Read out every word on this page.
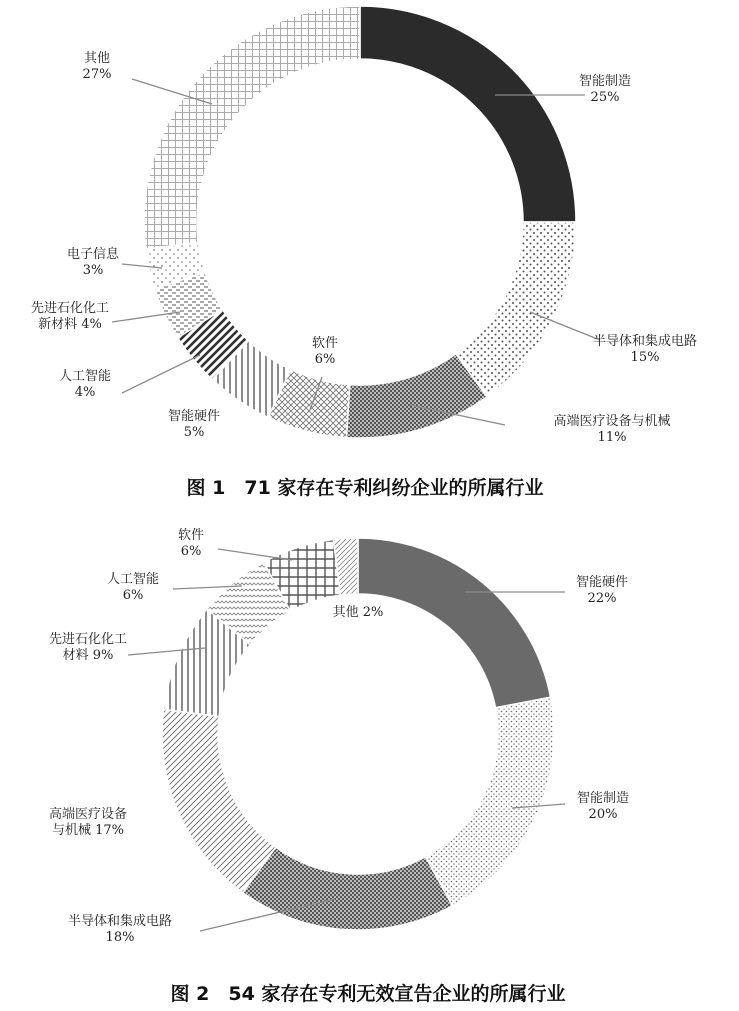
智能制造 25%
半导体和集成电路 15%
高端医疗设备与机械 11%
软件 6%
智能硬件 5%
人工智能 4%
先进石化化工新材料 4%
电子信息 3%
其他 27%
智能硬件 22%
智能制造 20%
半导体和集成电路 18%
高端医疗设备与机械 17%
先进石化化工材料 9%
人工智能 6%
软件 6%
其他 2%
图 1　71 家存在专利纠纷企业的所属行业
图 2　54 家存在专利无效宣告企业的所属行业
